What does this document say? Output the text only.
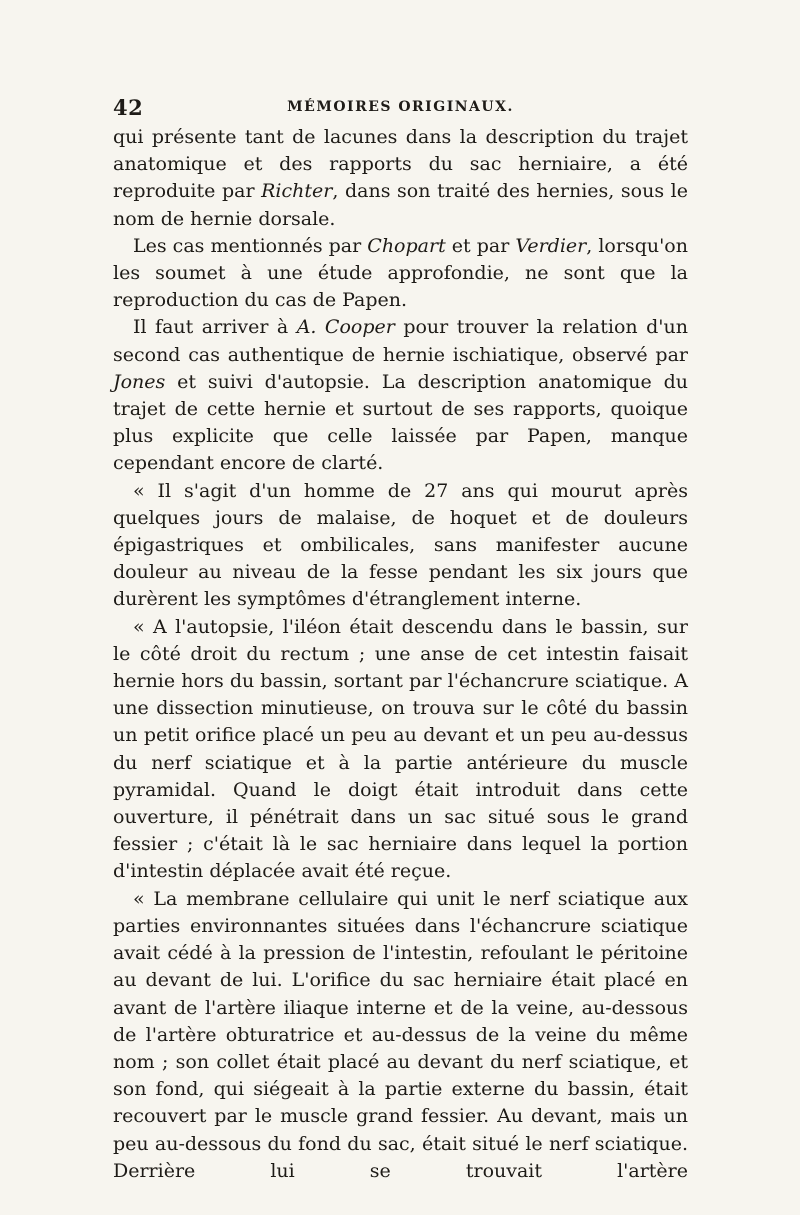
42	MÉMOIRES ORIGINAUX.

qui présente tant de lacunes dans la description du trajet anatomique et des rapports du sac herniaire, a été reproduite par Richter, dans son traité des hernies, sous le nom de hernie dorsale.

Les cas mentionnés par Chopart et par Verdier, lorsqu'on les soumet à une étude approfondie, ne sont que la reproduction du cas de Papen.

Il faut arriver à A. Cooper pour trouver la relation d'un second cas authentique de hernie ischiatique, observé par Jones et suivi d'autopsie. La description anatomique du trajet de cette hernie et surtout de ses rapports, quoique plus explicite que celle laissée par Papen, manque cependant encore de clarté.

« Il s'agit d'un homme de 27 ans qui mourut après quelques jours de malaise, de hoquet et de douleurs épigastriques et ombilicales, sans manifester aucune douleur au niveau de la fesse pendant les six jours que durèrent les symptômes d'étranglement interne.

« A l'autopsie, l'iléon était descendu dans le bassin, sur le côté droit du rectum ; une anse de cet intestin faisait hernie hors du bassin, sortant par l'échancrure sciatique. A une dissection minutieuse, on trouva sur le côté du bassin un petit orifice placé un peu au devant et un peu au-dessus du nerf sciatique et à la partie antérieure du muscle pyramidal. Quand le doigt était introduit dans cette ouverture, il pénétrait dans un sac situé sous le grand fessier ; c'était là le sac herniaire dans lequel la portion d'intestin déplacée avait été reçue.

« La membrane cellulaire qui unit le nerf sciatique aux parties environnantes situées dans l'échancrure sciatique avait cédé à la pression de l'intestin, refoulant le péritoine au devant de lui. L'orifice du sac herniaire était placé en avant de l'artère iliaque interne et de la veine, au-dessous de l'artère obturatrice et au-dessus de la veine du même nom ; son collet était placé au devant du nerf sciatique, et son fond, qui siégeait à la partie externe du bassin, était recouvert par le muscle grand fessier. Au devant, mais un peu au-dessous du fond du sac, était situé le nerf sciatique. Derrière lui se trouvait l'artère
